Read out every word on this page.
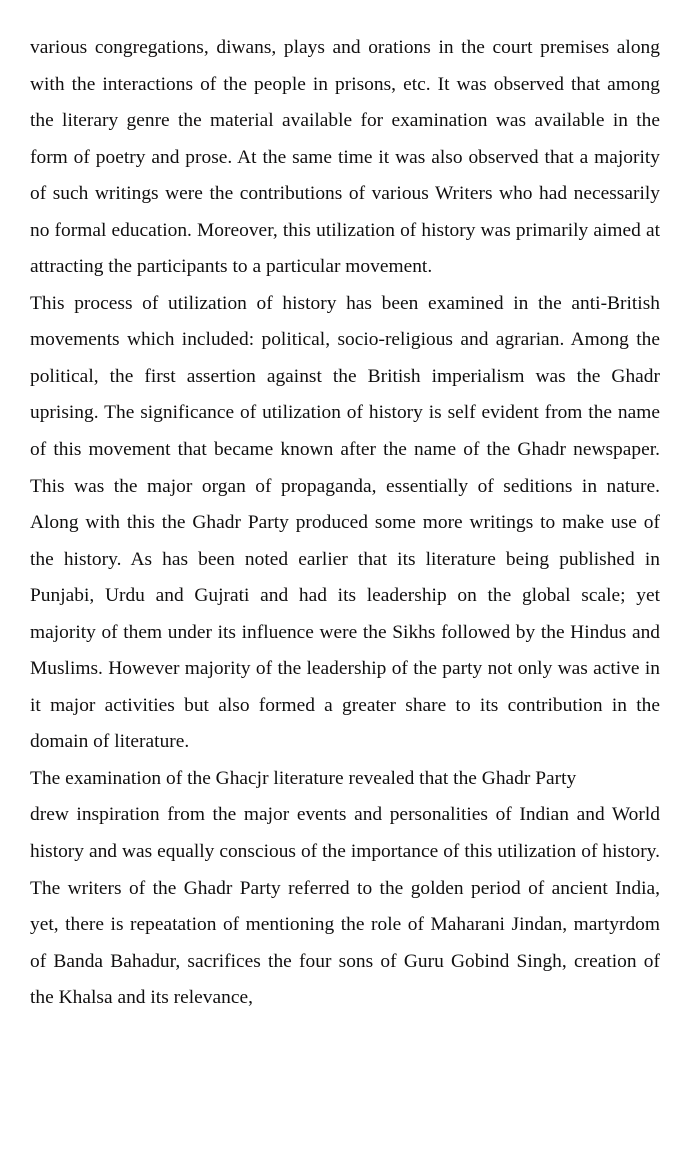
various congregations, diwans, plays and orations in the court premises along with the interactions of the people in prisons, etc. It was observed that among the literary genre the material available for examination was available in the form of poetry and prose. At the same time it was also observed that a majority of such writings were the contributions of various Writers who had necessarily no formal education. Moreover, this utilization of history was primarily aimed at attracting the participants to a particular movement.

This process of utilization of history has been examined in the anti-British movements which included: political, socio-religious and agrarian. Among the political, the first assertion against the British imperialism was the Ghadr uprising. The significance of utilization of history is self evident from the name of this movement that became known after the name of the Ghadr newspaper. This was the major organ of propaganda, essentially of seditions in nature. Along with this the Ghadr Party produced some more writings to make use of the history. As has been noted earlier that its literature being published in Punjabi, Urdu and Gujrati and had its leadership on the global scale; yet majority of them under its influence were the Sikhs followed by the Hindus and Muslims. However majority of the leadership of the party not only was active in it major activities but also formed a greater share to its contribution in the domain of literature.

The examination of the Ghacjr literature revealed that the Ghadr Party

drew inspiration from the major events and personalities of Indian and World history and was equally conscious of the importance of this utilization of history. The writers of the Ghadr Party referred to the golden period of ancient India, yet, there is repeatation of mentioning the role of Maharani Jindan, martyrdom of Banda Bahadur, sacrifices the four sons of Guru Gobind Singh, creation of the Khalsa and its relevance,
